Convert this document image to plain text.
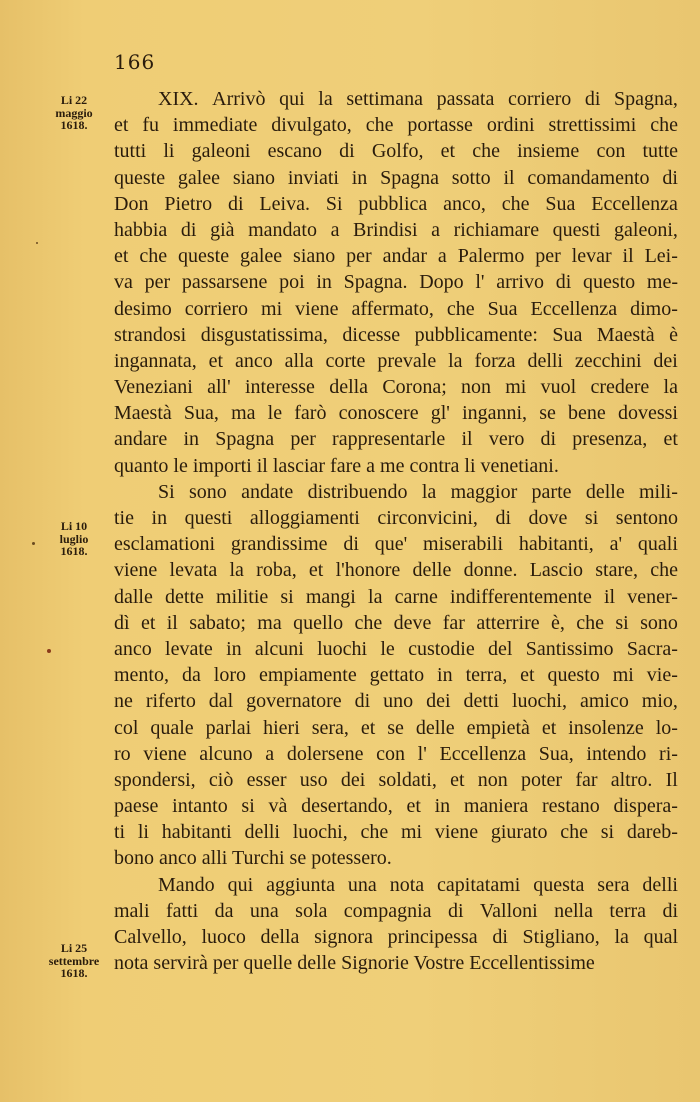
166
Li 22
maggio
1618.
Li 10
luglio
1618.
Li 25
settembre
1618.
XIX. Arrivò qui la settimana passata corriero di Spagna,
et fu immediate divulgato, che portasse ordini strettissimi che
tutti li galeoni escano di Golfo, et che insieme con tutte
queste galee siano inviati in Spagna sotto il comandamento di
Don Pietro di Leiva. Si pubblica anco, che Sua Eccellenza
habbia di già mandato a Brindisi a richiamare questi galeoni,
et che queste galee siano per andar a Palermo per levar il Lei-
va per passarsene poi in Spagna. Dopo l' arrivo di questo me-
desimo corriero mi viene affermato, che Sua Eccellenza dimo-
strandosi disgustatissima, dicesse pubblicamente: Sua Maestà è
ingannata, et anco alla corte prevale la forza delli zecchini dei
Veneziani all' interesse della Corona; non mi vuol credere la
Maestà Sua, ma le farò conoscere gl' inganni, se bene dovessi
andare in Spagna per rappresentarle il vero di presenza, et
quanto le importi il lasciar fare a me contra li venetiani.
Si sono andate distribuendo la maggior parte delle mili-
tie in questi alloggiamenti circonvicini, di dove si sentono
esclamationi grandissime di que' miserabili habitanti, a' quali
viene levata la roba, et l'honore delle donne. Lascio stare, che
dalle dette militie si mangi la carne indifferentemente il vener-
dì et il sabato; ma quello che deve far atterrire è, che si sono
anco levate in alcuni luochi le custodie del Santissimo Sacra-
mento, da loro empiamente gettato in terra, et questo mi vie-
ne riferto dal governatore di uno dei detti luochi, amico mio,
col quale parlai hieri sera, et se delle empietà et insolenze lo-
ro viene alcuno a dolersene con l' Eccellenza Sua, intendo ri-
spondersi, ciò esser uso dei soldati, et non poter far altro. Il
paese intanto si và desertando, et in maniera restano dispera-
ti li habitanti delli luochi, che mi viene giurato che si dareb-
bono anco alli Turchi se potessero.
Mando qui aggiunta una nota capitatami questa sera delli
mali fatti da una sola compagnia di Valloni nella terra di
Calvello, luoco della signora principessa di Stigliano, la qual
nota servirà per quelle delle Signorie Vostre Eccellentissime
